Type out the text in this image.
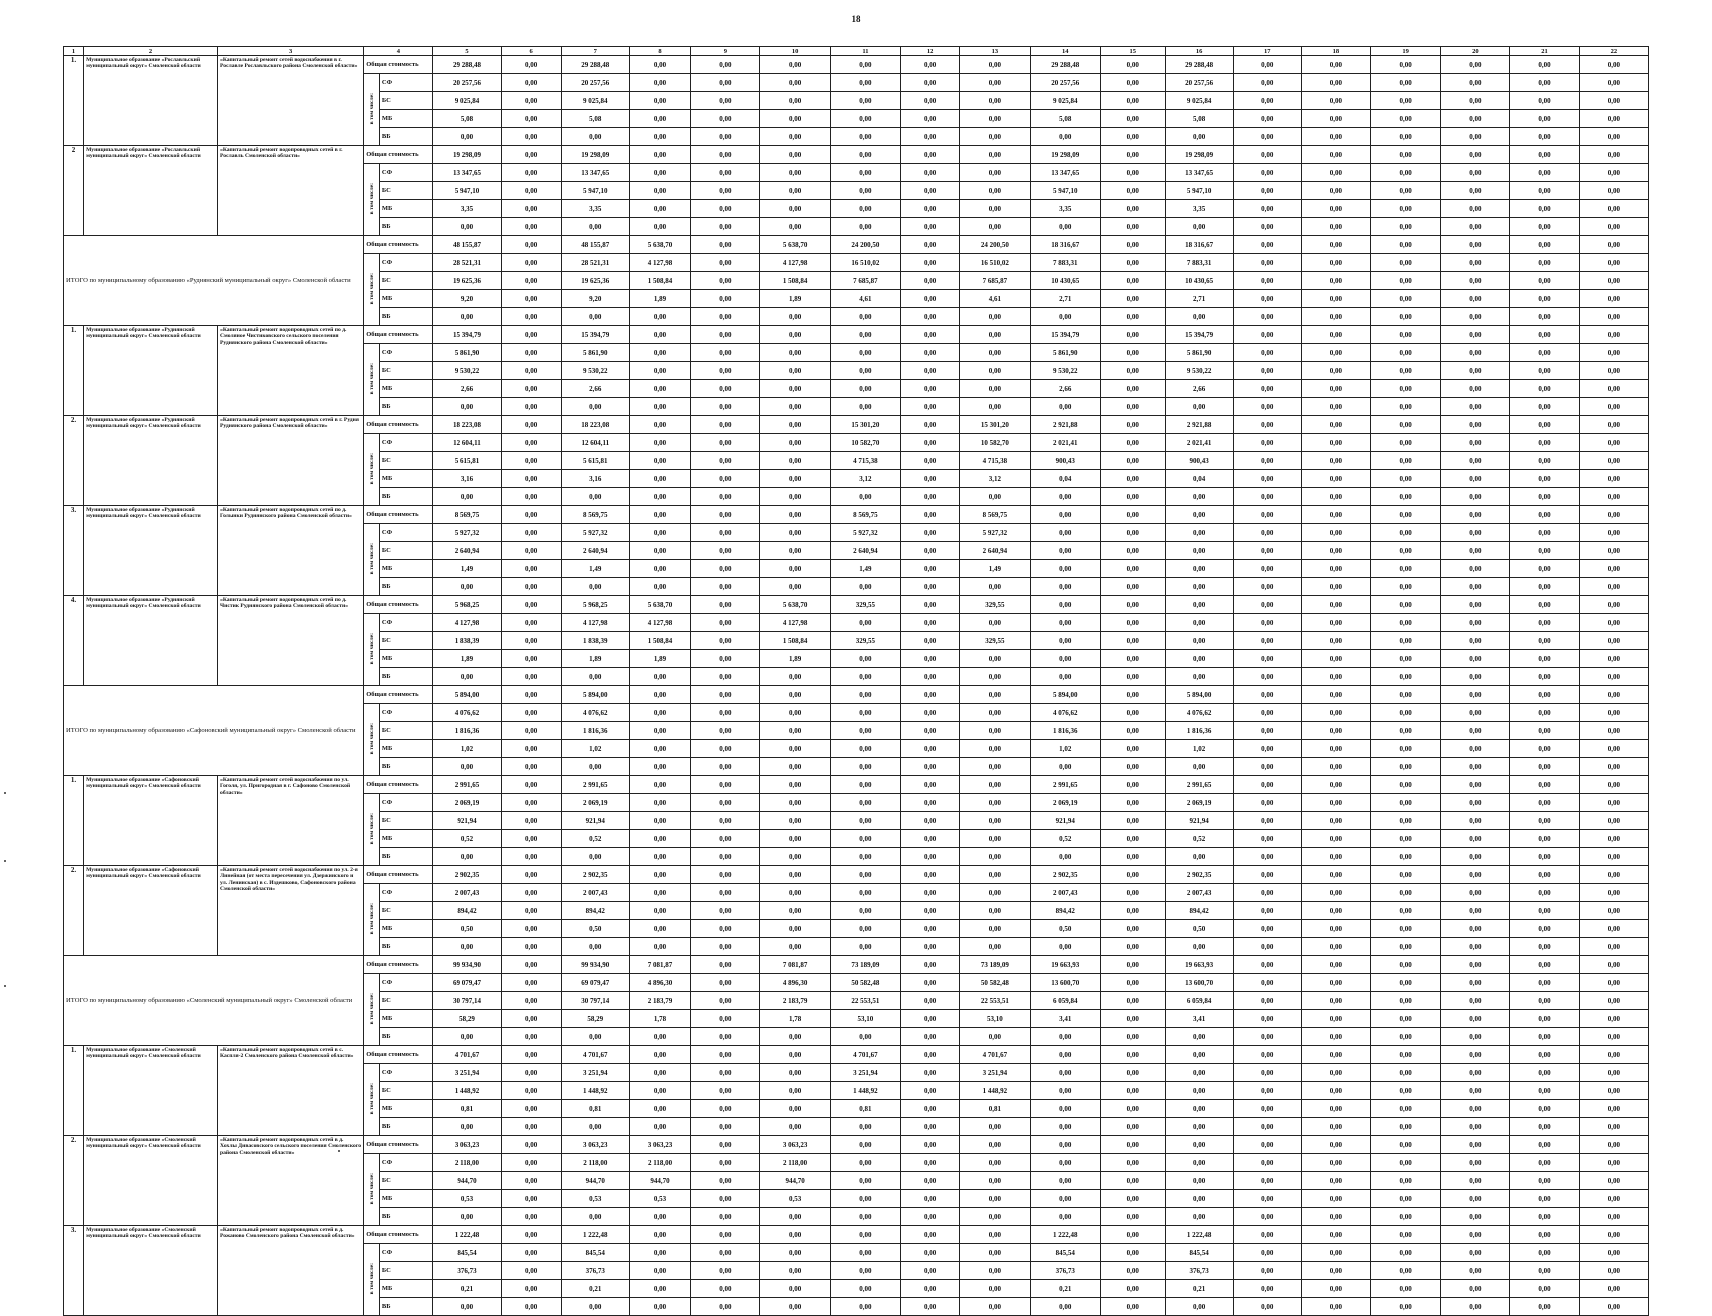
18
1	2	3	4		5	6	7	8	9	10	11	12	13	14	15	16	17	18	19	20	21	22
1.	Муниципальное образование «Рославльский муниципальный округ» Смоленской области	«Капитальный ремонт сетей водоснабжения в г. Рославле Рославльского района Смоленской области»	Общая стоимость		29 288,48	0,00	29 288,48	0,00	0,00	0,00	0,00	0,00	0,00	29 288,48	0,00	29 288,48	0,00	0,00	0,00	0,00	0,00	0,00
			в том числе:	СФ	20 257,56	0,00	20 257,56	0,00	0,00	0,00	0,00	0,00	0,00	20 257,56	0,00	20 257,56	0,00	0,00	0,00	0,00	0,00	0,00
				БС	9 025,84	0,00	9 025,84	0,00	0,00	0,00	0,00	0,00	0,00	9 025,84	0,00	9 025,84	0,00	0,00	0,00	0,00	0,00	0,00
				МБ	5,08	0,00	5,08	0,00	0,00	0,00	0,00	0,00	0,00	5,08	0,00	5,08	0,00	0,00	0,00	0,00	0,00	0,00
				ВБ	0,00	0,00	0,00	0,00	0,00	0,00	0,00	0,00	0,00	0,00	0,00	0,00	0,00	0,00	0,00	0,00	0,00	0,00
2	Муниципальное образование «Рославльский муниципальный округ» Смоленской области	«Капитальный ремонт водопроводных сетей в г. Рославль Смоленской области»	Общая стоимость		19 298,09	0,00	19 298,09	0,00	0,00	0,00	0,00	0,00	0,00	19 298,09	0,00	19 298,09	0,00	0,00	0,00	0,00	0,00	0,00
			в том числе:	СФ	13 347,65	0,00	13 347,65	0,00	0,00	0,00	0,00	0,00	0,00	13 347,65	0,00	13 347,65	0,00	0,00	0,00	0,00	0,00	0,00
				БС	5 947,10	0,00	5 947,10	0,00	0,00	0,00	0,00	0,00	0,00	5 947,10	0,00	5 947,10	0,00	0,00	0,00	0,00	0,00	0,00
				МБ	3,35	0,00	3,35	0,00	0,00	0,00	0,00	0,00	0,00	3,35	0,00	3,35	0,00	0,00	0,00	0,00	0,00	0,00
				ВБ	0,00	0,00	0,00	0,00	0,00	0,00	0,00	0,00	0,00	0,00	0,00	0,00	0,00	0,00	0,00	0,00	0,00	0,00
ИТОГО по муниципальному образованию «Руднянский муниципальный округ» Смоленской области			Общая стоимость		48 155,87	0,00	48 155,87	5 638,70	0,00	5 638,70	24 200,50	0,00	24 200,50	18 316,67	0,00	18 316,67	0,00	0,00	0,00	0,00	0,00	0,00
			в том числе:	СФ	28 521,31	0,00	28 521,31	4 127,98	0,00	4 127,98	16 510,02	0,00	16 510,02	7 883,31	0,00	7 883,31	0,00	0,00	0,00	0,00	0,00	0,00
				БС	19 625,36	0,00	19 625,36	1 508,84	0,00	1 508,84	7 685,87	0,00	7 685,87	10 430,65	0,00	10 430,65	0,00	0,00	0,00	0,00	0,00	0,00
				МБ	9,20	0,00	9,20	1,89	0,00	1,89	4,61	0,00	4,61	2,71	0,00	2,71	0,00	0,00	0,00	0,00	0,00	0,00
				ВБ	0,00	0,00	0,00	0,00	0,00	0,00	0,00	0,00	0,00	0,00	0,00	0,00	0,00	0,00	0,00	0,00	0,00	0,00
1.	Муниципальное образование «Руднянский муниципальный округ» Смоленской области	«Капитальный ремонт водопроводных сетей по д. Смоляное Чистиковского сельского поселения Руднянского района Смоленской области»	Общая стоимость		15 394,79	0,00	15 394,79	0,00	0,00	0,00	0,00	0,00	0,00	15 394,79	0,00	15 394,79	0,00	0,00	0,00	0,00	0,00	0,00
			в том числе:	СФ	5 861,90	0,00	5 861,90	0,00	0,00	0,00	0,00	0,00	0,00	5 861,90	0,00	5 861,90	0,00	0,00	0,00	0,00	0,00	0,00
				БС	9 530,22	0,00	9 530,22	0,00	0,00	0,00	0,00	0,00	0,00	9 530,22	0,00	9 530,22	0,00	0,00	0,00	0,00	0,00	0,00
				МБ	2,66	0,00	2,66	0,00	0,00	0,00	0,00	0,00	0,00	2,66	0,00	2,66	0,00	0,00	0,00	0,00	0,00	0,00
				ВБ	0,00	0,00	0,00	0,00	0,00	0,00	0,00	0,00	0,00	0,00	0,00	0,00	0,00	0,00	0,00	0,00	0,00	0,00
2.	Муниципальное образование «Руднянский муниципальный округ» Смоленской области	«Капитальный ремонт водопроводных сетей в г. Рудня Руднянского района Смоленской области»	Общая стоимость		18 223,08	0,00	18 223,08	0,00	0,00	0,00	15 301,20	0,00	15 301,20	2 921,88	0,00	2 921,88	0,00	0,00	0,00	0,00	0,00	0,00
			в том числе:	СФ	12 604,11	0,00	12 604,11	0,00	0,00	0,00	10 582,70	0,00	10 582,70	2 021,41	0,00	2 021,41	0,00	0,00	0,00	0,00	0,00	0,00
				БС	5 615,81	0,00	5 615,81	0,00	0,00	0,00	4 715,38	0,00	4 715,38	900,43	0,00	900,43	0,00	0,00	0,00	0,00	0,00	0,00
				МБ	3,16	0,00	3,16	0,00	0,00	0,00	3,12	0,00	3,12	0,04	0,00	0,04	0,00	0,00	0,00	0,00	0,00	0,00
				ВБ	0,00	0,00	0,00	0,00	0,00	0,00	0,00	0,00	0,00	0,00	0,00	0,00	0,00	0,00	0,00	0,00	0,00	0,00
3.	Муниципальное образование «Руднянский муниципальный округ» Смоленской области	«Капитальный ремонт водопроводных сетей по д. Голынки Руднянского района Смоленской области»	Общая стоимость		8 569,75	0,00	8 569,75	0,00	0,00	0,00	8 569,75	0,00	8 569,75	0,00	0,00	0,00	0,00	0,00	0,00	0,00	0,00	0,00
			в том числе:	СФ	5 927,32	0,00	5 927,32	0,00	0,00	0,00	5 927,32	0,00	5 927,32	0,00	0,00	0,00	0,00	0,00	0,00	0,00	0,00	0,00
				БС	2 640,94	0,00	2 640,94	0,00	0,00	0,00	2 640,94	0,00	2 640,94	0,00	0,00	0,00	0,00	0,00	0,00	0,00	0,00	0,00
				МБ	1,49	0,00	1,49	0,00	0,00	0,00	1,49	0,00	1,49	0,00	0,00	0,00	0,00	0,00	0,00	0,00	0,00	0,00
				ВБ	0,00	0,00	0,00	0,00	0,00	0,00	0,00	0,00	0,00	0,00	0,00	0,00	0,00	0,00	0,00	0,00	0,00	0,00
4.	Муниципальное образование «Руднянский муниципальный округ» Смоленской области	«Капитальный ремонт водопроводных сетей по д. Чистик Руднянского района Смоленской области»	Общая стоимость		5 968,25	0,00	5 968,25	5 638,70	0,00	5 638,70	329,55	0,00	329,55	0,00	0,00	0,00	0,00	0,00	0,00	0,00	0,00	0,00
			в том числе:	СФ	4 127,98	0,00	4 127,98	4 127,98	0,00	4 127,98	0,00	0,00	0,00	0,00	0,00	0,00	0,00	0,00	0,00	0,00	0,00	0,00
				БС	1 838,39	0,00	1 838,39	1 508,84	0,00	1 508,84	329,55	0,00	329,55	0,00	0,00	0,00	0,00	0,00	0,00	0,00	0,00	0,00
				МБ	1,89	0,00	1,89	1,89	0,00	1,89	0,00	0,00	0,00	0,00	0,00	0,00	0,00	0,00	0,00	0,00	0,00	0,00
				ВБ	0,00	0,00	0,00	0,00	0,00	0,00	0,00	0,00	0,00	0,00	0,00	0,00	0,00	0,00	0,00	0,00	0,00	0,00
ИТОГО по муниципальному образованию «Сафоновский муниципальный округ» Смоленской области			Общая стоимость		5 894,00	0,00	5 894,00	0,00	0,00	0,00	0,00	0,00	0,00	5 894,00	0,00	5 894,00	0,00	0,00	0,00	0,00	0,00	0,00
			в том числе:	СФ	4 076,62	0,00	4 076,62	0,00	0,00	0,00	0,00	0,00	0,00	4 076,62	0,00	4 076,62	0,00	0,00	0,00	0,00	0,00	0,00
				БС	1 816,36	0,00	1 816,36	0,00	0,00	0,00	0,00	0,00	0,00	1 816,36	0,00	1 816,36	0,00	0,00	0,00	0,00	0,00	0,00
				МБ	1,02	0,00	1,02	0,00	0,00	0,00	0,00	0,00	0,00	1,02	0,00	1,02	0,00	0,00	0,00	0,00	0,00	0,00
				ВБ	0,00	0,00	0,00	0,00	0,00	0,00	0,00	0,00	0,00	0,00	0,00	0,00	0,00	0,00	0,00	0,00	0,00	0,00
1.	Муниципальное образование «Сафоновский муниципальный округ» Смоленской области	«Капитальный ремонт сетей водоснабжения по ул. Гоголя, ул. Пригородная в г. Сафоново Смоленской области»	Общая стоимость		2 991,65	0,00	2 991,65	0,00	0,00	0,00	0,00	0,00	0,00	2 991,65	0,00	2 991,65	0,00	0,00	0,00	0,00	0,00	0,00
			в том числе:	СФ	2 069,19	0,00	2 069,19	0,00	0,00	0,00	0,00	0,00	0,00	2 069,19	0,00	2 069,19	0,00	0,00	0,00	0,00	0,00	0,00
				БС	921,94	0,00	921,94	0,00	0,00	0,00	0,00	0,00	0,00	921,94	0,00	921,94	0,00	0,00	0,00	0,00	0,00	0,00
				МБ	0,52	0,00	0,52	0,00	0,00	0,00	0,00	0,00	0,00	0,52	0,00	0,52	0,00	0,00	0,00	0,00	0,00	0,00
				ВБ	0,00	0,00	0,00	0,00	0,00	0,00	0,00	0,00	0,00	0,00	0,00	0,00	0,00	0,00	0,00	0,00	0,00	0,00
2.	Муниципальное образование «Сафоновский муниципальный округ» Смоленской области	«Капитальный ремонт сетей водоснабжения по ул. 2-я Линейная (от места пересечения ул. Дзержинского и ул. Ленинская) в с. Издешково, Сафоновского района Смоленской области»	Общая стоимость		2 902,35	0,00	2 902,35	0,00	0,00	0,00	0,00	0,00	0,00	2 902,35	0,00	2 902,35	0,00	0,00	0,00	0,00	0,00	0,00
			в том числе:	СФ	2 007,43	0,00	2 007,43	0,00	0,00	0,00	0,00	0,00	0,00	2 007,43	0,00	2 007,43	0,00	0,00	0,00	0,00	0,00	0,00
				БС	894,42	0,00	894,42	0,00	0,00	0,00	0,00	0,00	0,00	894,42	0,00	894,42	0,00	0,00	0,00	0,00	0,00	0,00
				МБ	0,50	0,00	0,50	0,00	0,00	0,00	0,00	0,00	0,00	0,50	0,00	0,50	0,00	0,00	0,00	0,00	0,00	0,00
				ВБ	0,00	0,00	0,00	0,00	0,00	0,00	0,00	0,00	0,00	0,00	0,00	0,00	0,00	0,00	0,00	0,00	0,00	0,00
ИТОГО по муниципальному образованию «Смоленский муниципальный округ» Смоленской области			Общая стоимость		99 934,90	0,00	99 934,90	7 081,87	0,00	7 081,87	73 189,09	0,00	73 189,09	19 663,93	0,00	19 663,93	0,00	0,00	0,00	0,00	0,00	0,00
			в том числе:	СФ	69 079,47	0,00	69 079,47	4 896,30	0,00	4 896,30	50 582,48	0,00	50 582,48	13 600,70	0,00	13 600,70	0,00	0,00	0,00	0,00	0,00	0,00
				БС	30 797,14	0,00	30 797,14	2 183,79	0,00	2 183,79	22 553,51	0,00	22 553,51	6 059,84	0,00	6 059,84	0,00	0,00	0,00	0,00	0,00	0,00
				МБ	58,29	0,00	58,29	1,78	0,00	1,78	53,10	0,00	53,10	3,41	0,00	3,41	0,00	0,00	0,00	0,00	0,00	0,00
				ВБ	0,00	0,00	0,00	0,00	0,00	0,00	0,00	0,00	0,00	0,00	0,00	0,00	0,00	0,00	0,00	0,00	0,00	0,00
1.	Муниципальное образование «Смоленский муниципальный округ» Смоленской области	«Капитальный ремонт водопроводных сетей в с. Каспля-2 Смоленского района Смоленской области»	Общая стоимость		4 701,67	0,00	4 701,67	0,00	0,00	0,00	4 701,67	0,00	4 701,67	0,00	0,00	0,00	0,00	0,00	0,00	0,00	0,00	0,00
			в том числе:	СФ	3 251,94	0,00	3 251,94	0,00	0,00	0,00	3 251,94	0,00	3 251,94	0,00	0,00	0,00	0,00	0,00	0,00	0,00	0,00	0,00
				БС	1 448,92	0,00	1 448,92	0,00	0,00	0,00	1 448,92	0,00	1 448,92	0,00	0,00	0,00	0,00	0,00	0,00	0,00	0,00	0,00
				МБ	0,81	0,00	0,81	0,00	0,00	0,00	0,81	0,00	0,81	0,00	0,00	0,00	0,00	0,00	0,00	0,00	0,00	0,00
				ВБ	0,00	0,00	0,00	0,00	0,00	0,00	0,00	0,00	0,00	0,00	0,00	0,00	0,00	0,00	0,00	0,00	0,00	0,00
2.	Муниципальное образование «Смоленский муниципальный округ» Смоленской области	«Капитальный ремонт водопроводных сетей в д. Хохлы Дивасовского сельского поселения Смоленского района Смоленской области»	Общая стоимость		3 063,23	0,00	3 063,23	3 063,23	0,00	3 063,23	0,00	0,00	0,00	0,00	0,00	0,00	0,00	0,00	0,00	0,00	0,00	0,00
			в том числе:	СФ	2 118,00	0,00	2 118,00	2 118,00	0,00	2 118,00	0,00	0,00	0,00	0,00	0,00	0,00	0,00	0,00	0,00	0,00	0,00	0,00
				БС	944,70	0,00	944,70	944,70	0,00	944,70	0,00	0,00	0,00	0,00	0,00	0,00	0,00	0,00	0,00	0,00	0,00	0,00
				МБ	0,53	0,00	0,53	0,53	0,00	0,53	0,00	0,00	0,00	0,00	0,00	0,00	0,00	0,00	0,00	0,00	0,00	0,00
				ВБ	0,00	0,00	0,00	0,00	0,00	0,00	0,00	0,00	0,00	0,00	0,00	0,00	0,00	0,00	0,00	0,00	0,00	0,00
3.	Муниципальное образование «Смоленский муниципальный округ» Смоленской области	«Капитальный ремонт водопроводных сетей в д. Рожаново Смоленского района Смоленской области»	Общая стоимость		1 222,48	0,00	1 222,48	0,00	0,00	0,00	0,00	0,00	0,00	1 222,48	0,00	1 222,48	0,00	0,00	0,00	0,00	0,00	0,00
			в том числе:	СФ	845,54	0,00	845,54	0,00	0,00	0,00	0,00	0,00	0,00	845,54	0,00	845,54	0,00	0,00	0,00	0,00	0,00	0,00
				БС	376,73	0,00	376,73	0,00	0,00	0,00	0,00	0,00	0,00	376,73	0,00	376,73	0,00	0,00	0,00	0,00	0,00	0,00
				МБ	0,21	0,00	0,21	0,00	0,00	0,00	0,00	0,00	0,00	0,21	0,00	0,21	0,00	0,00	0,00	0,00	0,00	0,00
				ВБ	0,00	0,00	0,00	0,00	0,00	0,00	0,00	0,00	0,00	0,00	0,00	0,00	0,00	0,00	0,00	0,00	0,00	0,00
